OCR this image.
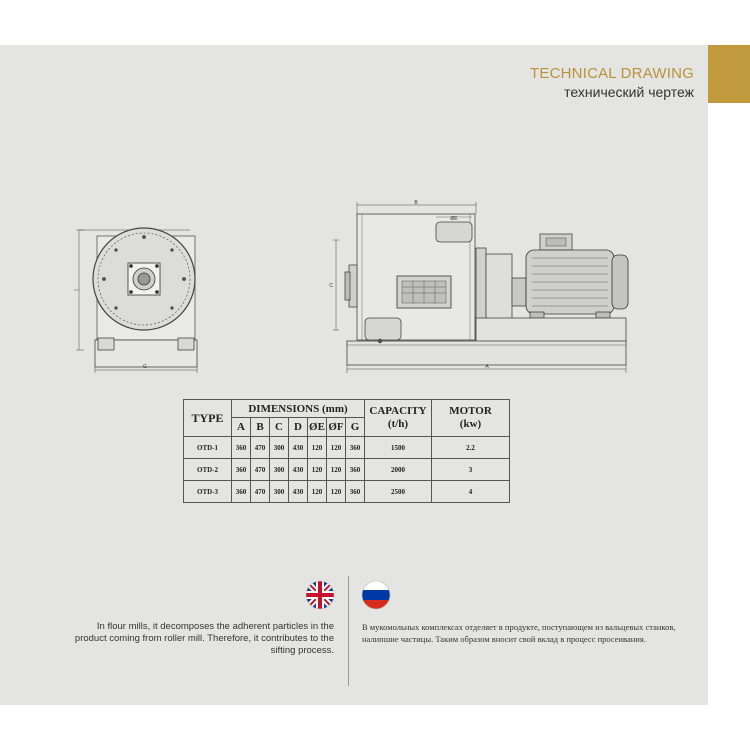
TECHNICAL DRAWING
технический чертеж
G
B
C
A
ØE
TYPE	DIMENSIONS (mm)							CAPACITY
(t/h)	MOTOR
(kw)
	A	B	C	D	ØE	ØF	G		
OTD-1	360	470	300	430	120	120	360	1500	2.2
OTD-2	360	470	300	430	120	120	360	2000	3
OTD-3	360	470	300	430	120	120	360	2500	4
In flour mills, it decomposes the adherent particles in the product coming from roller mill. Therefore, it contributes to the sifting process.
В мукомольных комплексах отделяет в продукте, поступающем из вальцевых станков,
налипшие частицы. Таким образом вносит свой вклад в процесс просеивания.
